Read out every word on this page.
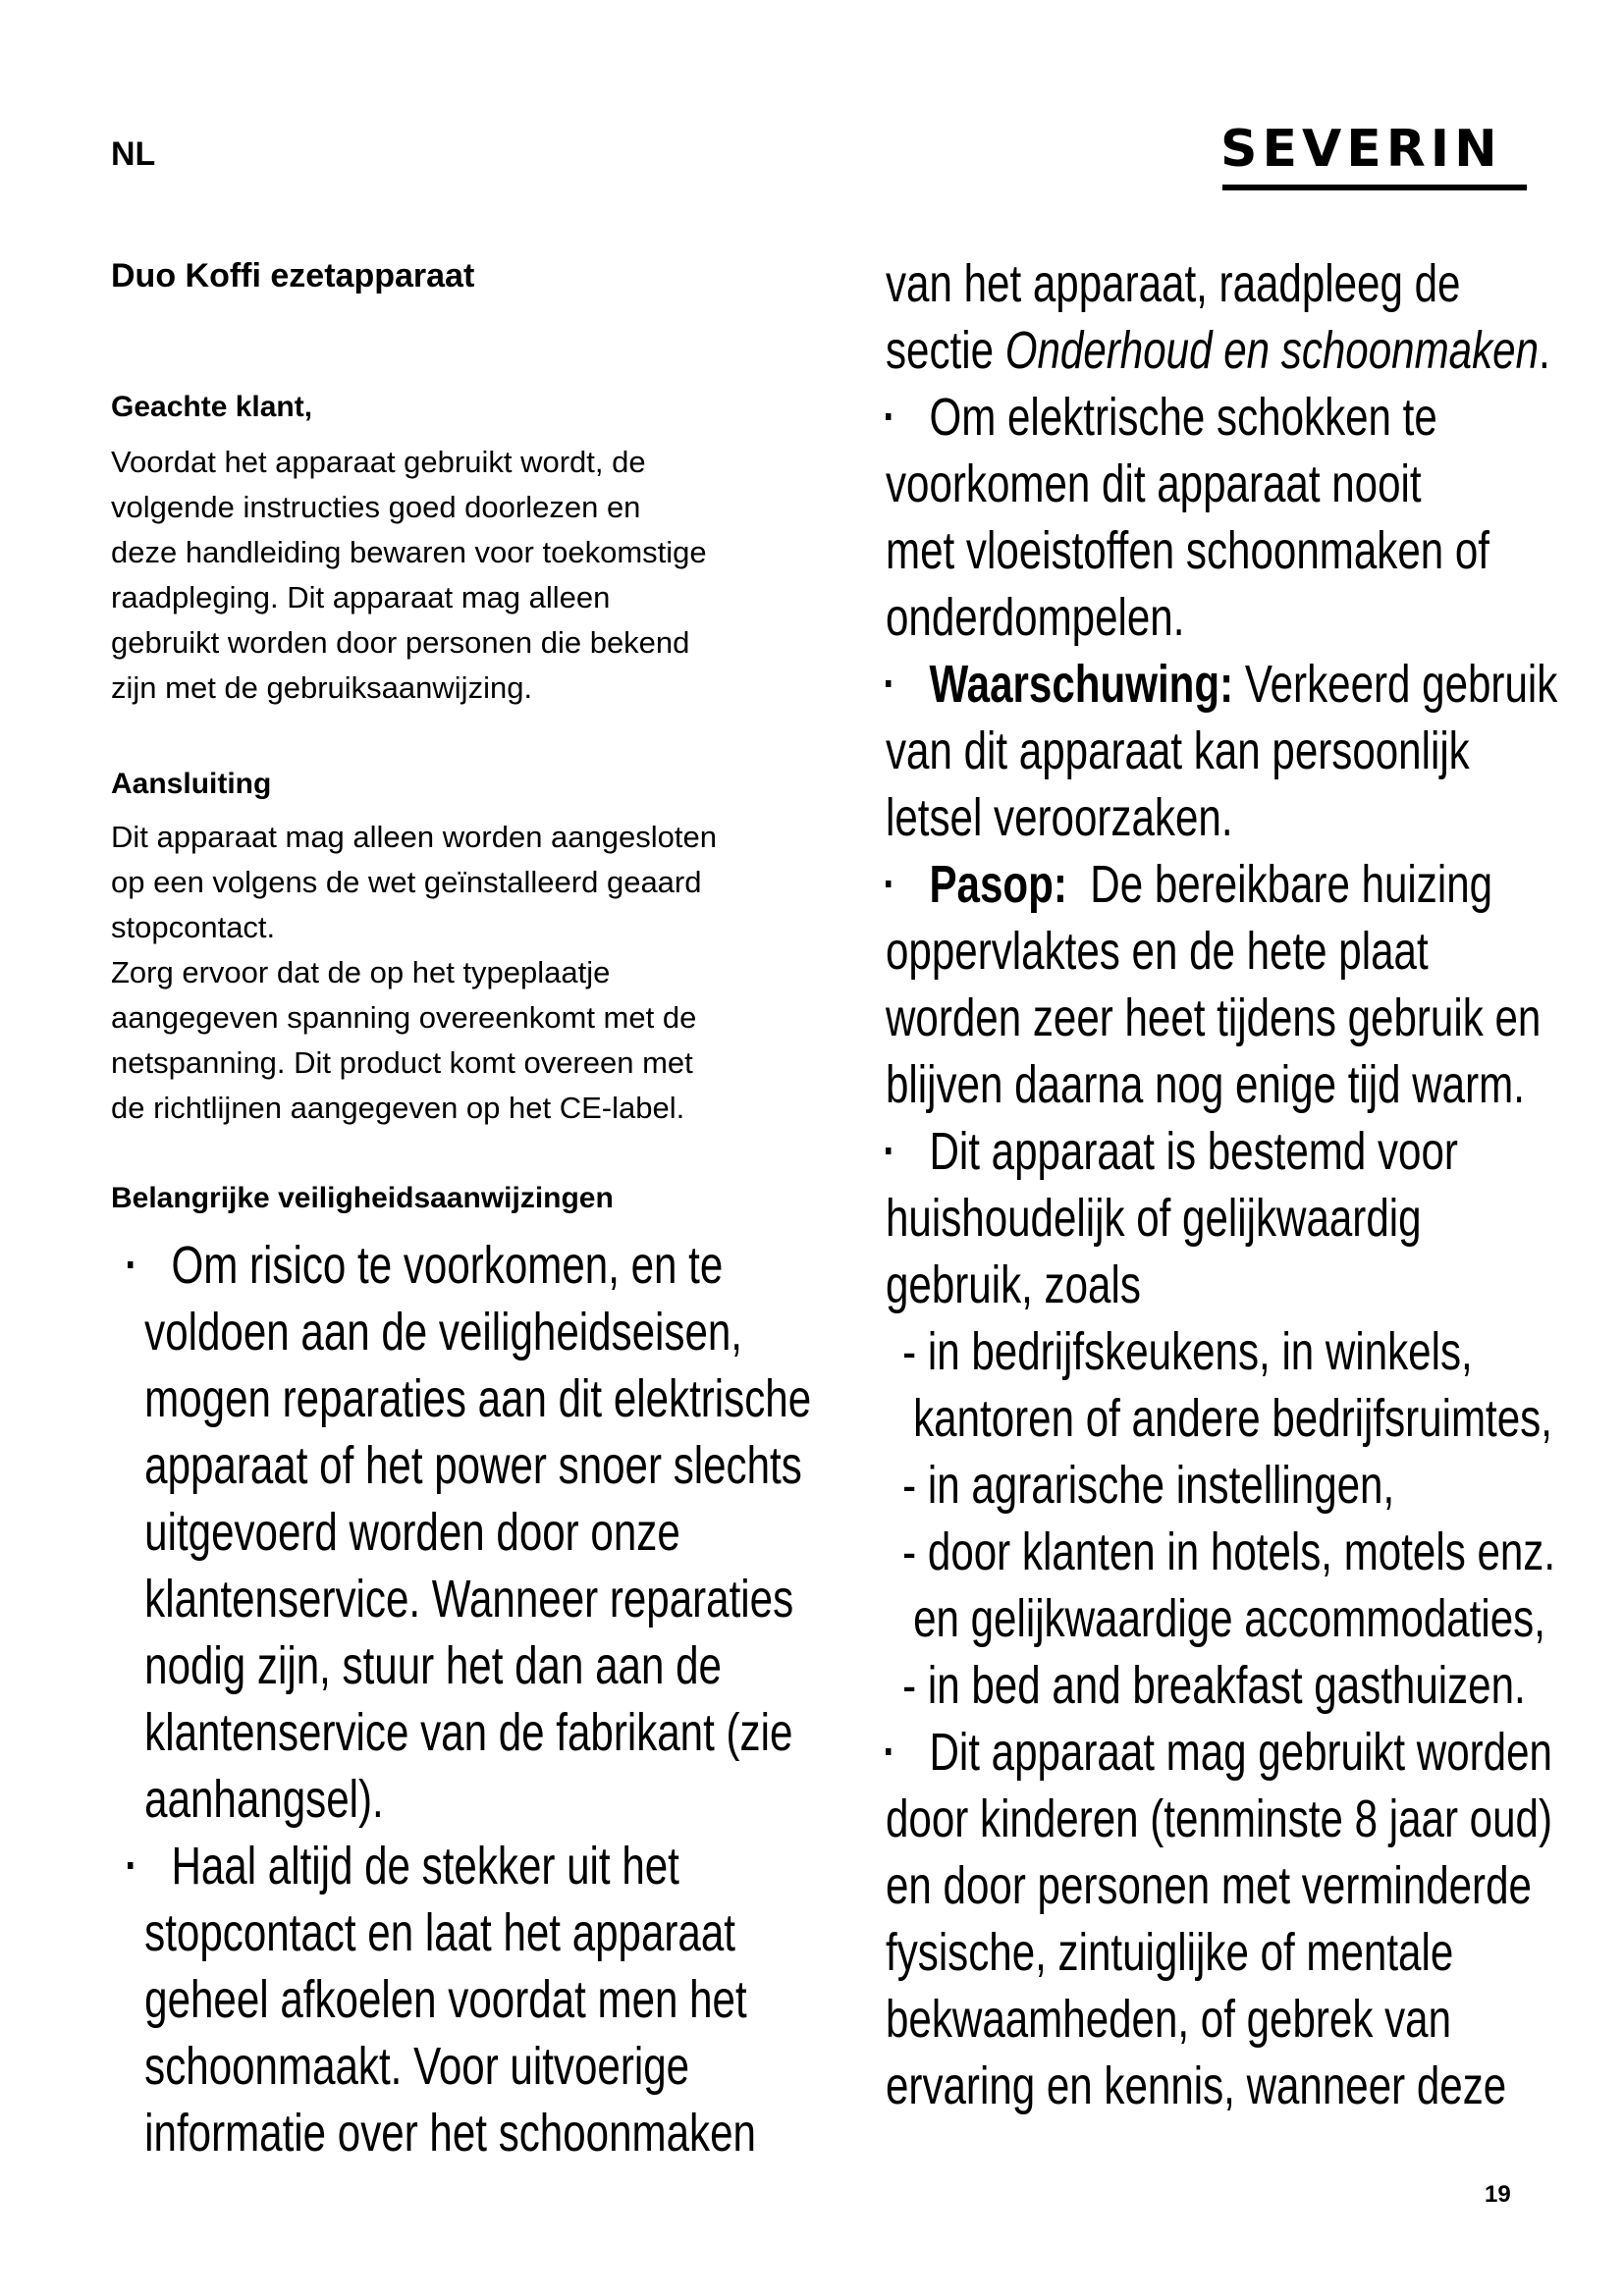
NL	SEVERIN
Duo Koffi ezetapparaat
Geachte klant,

Voordat het apparaat gebruikt wordt, de

volgende instructies goed doorlezen en

deze handleiding bewaren voor toekomstige

raadpleging. Dit apparaat mag alleen

gebruikt worden door personen die bekend

zijn met de gebruiksaanwijzing.

Aansluiting

Dit apparaat mag alleen worden aangesloten

op een volgens de wet geïnstalleerd geaard

stopcontact.

Zorg ervoor dat de op het typeplaatje

aangegeven spanning overeenkomt met de

netspanning. Dit product komt overeen met

de richtlijnen aangegeven op het CE-label.

Belangrijke veiligheidsaanwijzingen

Om risico te voorkomen, en te

voldoen aan de veiligheidseisen,

mogen reparaties aan dit elektrische

apparaat of het power snoer slechts

uitgevoerd worden door onze

klantenservice. Wanneer reparaties

nodig zijn, stuur het dan aan de

klantenservice van de fabrikant (zie

aanhangsel).

Haal altijd de stekker uit het

stopcontact en laat het apparaat

geheel afkoelen voordat men het

schoonmaakt. Voor uitvoerige

informatie over het schoonmaken

van het apparaat, raadpleeg de

sectie Onderhoud en schoonmaken.

Om elektrische schokken te

voorkomen dit apparaat nooit

met vloeistoffen schoonmaken of

onderdompelen.

Waarschuwing: Verkeerd gebruik

van dit apparaat kan persoonlijk

letsel veroorzaken.

Pasop:  De bereikbare huizing

oppervlaktes en de hete plaat

worden zeer heet tijdens gebruik en

blijven daarna nog enige tijd warm.

Dit apparaat is bestemd voor

huishoudelijk of gelijkwaardig

gebruik, zoals

- in bedrijfskeukens, in winkels,

kantoren of andere bedrijfsruimtes,

- in agrarische instellingen,

- door klanten in hotels, motels enz.

en gelijkwaardige accommodaties,

- in bed and breakfast gasthuizen.

Dit apparaat mag gebruikt worden

door kinderen (tenminste 8 jaar oud)

en door personen met verminderde

fysische, zintuiglijke of mentale

bekwaamheden, of gebrek van

ervaring en kennis, wanneer deze

19
